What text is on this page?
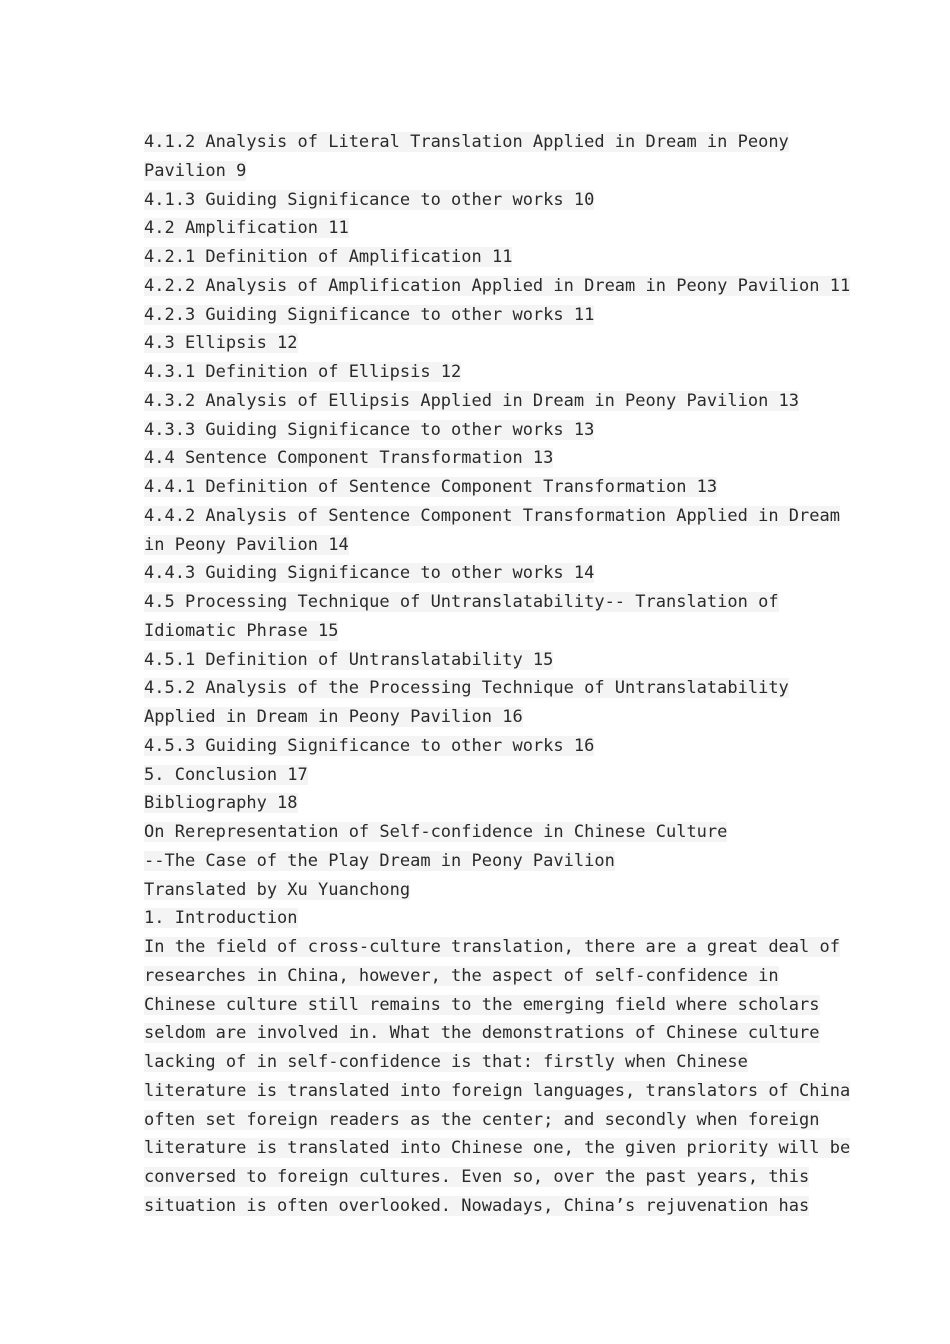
4.1.2 Analysis of Literal Translation Applied in Dream in Peony
Pavilion 9
4.1.3 Guiding Significance to other works 10
4.2 Amplification 11
4.2.1 Definition of Amplification 11
4.2.2 Analysis of Amplification Applied in Dream in Peony Pavilion 11
4.2.3 Guiding Significance to other works 11
4.3 Ellipsis 12
4.3.1 Definition of Ellipsis 12
4.3.2 Analysis of Ellipsis Applied in Dream in Peony Pavilion 13
4.3.3 Guiding Significance to other works 13
4.4 Sentence Component Transformation 13
4.4.1 Definition of Sentence Component Transformation 13
4.4.2 Analysis of Sentence Component Transformation Applied in Dream
in Peony Pavilion 14
4.4.3 Guiding Significance to other works 14
4.5 Processing Technique of Untranslatability-- Translation of
Idiomatic Phrase 15
4.5.1 Definition of Untranslatability 15
4.5.2 Analysis of the Processing Technique of Untranslatability
Applied in Dream in Peony Pavilion 16
4.5.3 Guiding Significance to other works 16
5. Conclusion 17
Bibliography 18
On Rerepresentation of Self-confidence in Chinese Culture
--The Case of the Play Dream in Peony Pavilion
Translated by Xu Yuanchong
1. Introduction
In the field of cross-culture translation, there are a great deal of
researches in China, however, the aspect of self-confidence in
Chinese culture still remains to the emerging field where scholars
seldom are involved in. What the demonstrations of Chinese culture
lacking of in self-confidence is that: firstly when Chinese
literature is translated into foreign languages, translators of China
often set foreign readers as the center; and secondly when foreign
literature is translated into Chinese one, the given priority will be
conversed to foreign cultures. Even so, over the past years, this
situation is often overlooked. Nowadays, China’s rejuvenation has
